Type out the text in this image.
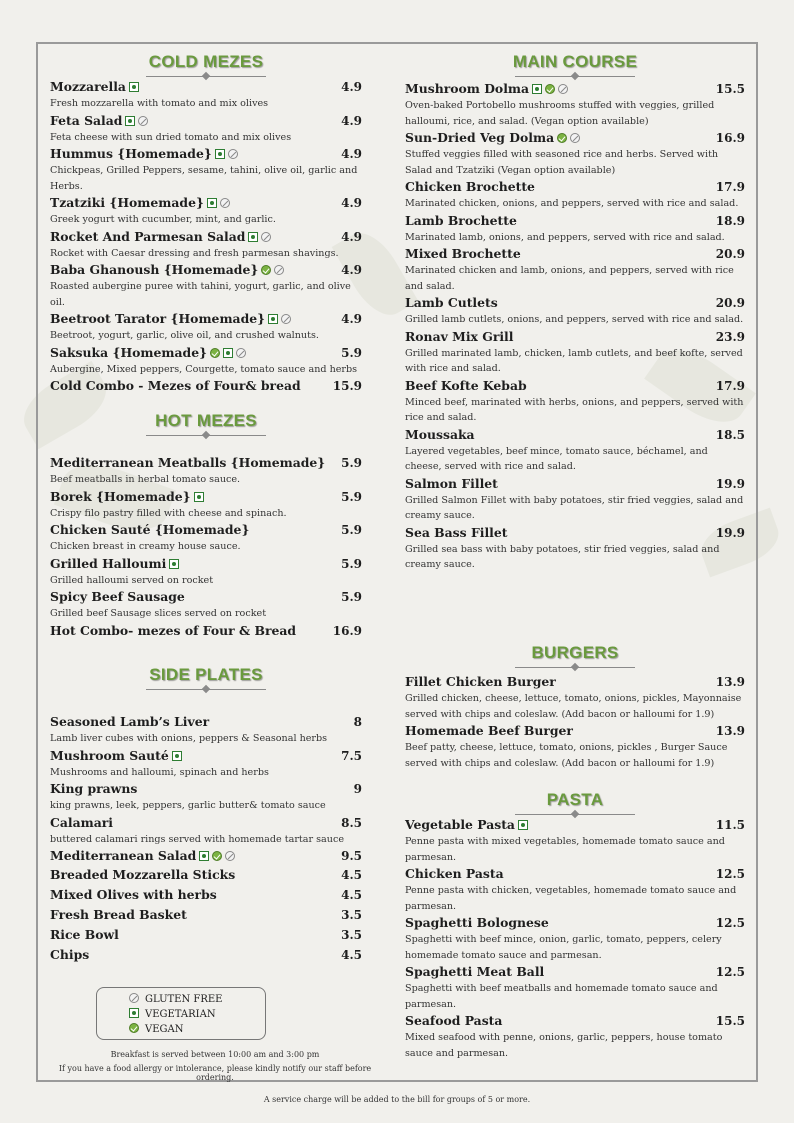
COLD MEZES
Mozzarella	4.9
Fresh mozzarella with tomato and mix olives
Feta Salad	4.9
Feta cheese with sun dried tomato and mix olives
Hummus {Homemade}	4.9
Chickpeas, Grilled Peppers, sesame, tahini, olive oil, garlic and Herbs.
Tzatziki {Homemade}	4.9
Greek yogurt with cucumber, mint, and garlic.
Rocket And Parmesan Salad	4.9
Rocket with Caesar dressing and fresh parmesan shavings.
Baba Ghanoush {Homemade}	4.9
Roasted aubergine puree with tahini, yogurt, garlic, and olive oil.
Beetroot Tarator {Homemade}	4.9
Beetroot, yogurt, garlic, olive oil, and crushed walnuts.
Saksuka {Homemade}	5.9
Aubergine, Mixed peppers, Courgette, tomato sauce and herbs
Cold Combo - Mezes of Four& bread	15.9
HOT MEZES
Mediterranean Meatballs {Homemade}	5.9
Beef meatballs in herbal tomato sauce.
Borek {Homemade}	5.9
Crispy filo pastry filled with cheese and spinach.
Chicken Sauté {Homemade}	5.9
Chicken breast in creamy house sauce.
Grilled Halloumi	5.9
Grilled halloumi served on rocket
Spicy Beef Sausage	5.9
Grilled beef Sausage slices served on rocket
Hot Combo- mezes of Four & Bread	16.9
SIDE PLATES
Seasoned Lamb’s Liver	8
Lamb liver cubes with onions, peppers & Seasonal herbs
Mushroom Sauté	7.5
Mushrooms and halloumi, spinach and herbs
King prawns	9
king prawns, leek, peppers, garlic butter& tomato sauce
Calamari	8.5
buttered calamari rings served with homemade tartar sauce
Mediterranean Salad	9.5
Breaded Mozzarella Sticks	4.5
Mixed Olives with herbs	4.5
Fresh Bread Basket	3.5
Rice Bowl	3.5
Chips	4.5
GLUTEN FREE
VEGETARIAN
VEGAN
Breakfast is served between 10:00 am and 3:00 pm
If you have a food allergy or intolerance, please kindly notify our staff before ordering.
A service charge will be added to the bill for groups of 5 or more.
MAIN COURSE
Mushroom Dolma	15.5
Oven-baked Portobello mushrooms stuffed with veggies, grilled halloumi, rice, and salad. (Vegan option available)
Sun-Dried Veg Dolma	16.9
Stuffed veggies filled with seasoned rice and herbs. Served with Salad and Tzatziki (Vegan option available)
Chicken Brochette	17.9
Marinated chicken, onions, and peppers, served with rice and salad.
Lamb Brochette	18.9
Marinated lamb, onions, and peppers, served with rice and salad.
Mixed Brochette	20.9
Marinated chicken and lamb, onions, and peppers, served with rice and salad.
Lamb Cutlets	20.9
Grilled lamb cutlets, onions, and peppers, served with rice and salad.
Ronav Mix Grill	23.9
Grilled marinated lamb, chicken, lamb cutlets, and beef kofte, served with rice and salad.
Beef Kofte Kebab	17.9
Minced beef, marinated with herbs, onions, and peppers, served with rice and salad.
Moussaka	18.5
Layered vegetables, beef mince, tomato sauce, béchamel, and cheese, served with rice and salad.
Salmon Fillet	19.9
Grilled Salmon Fillet with baby potatoes, stir fried veggies, salad and creamy sauce.
Sea Bass Fillet	19.9
Grilled sea bass with baby potatoes, stir fried veggies, salad and creamy sauce.
BURGERS
Fillet Chicken Burger	13.9
Grilled chicken, cheese, lettuce, tomato, onions, pickles, Mayonnaise served with chips and coleslaw. (Add bacon or halloumi for 1.9)
Homemade Beef Burger	13.9
Beef patty, cheese, lettuce, tomato, onions, pickles , Burger Sauce served with chips and coleslaw. (Add bacon or halloumi for 1.9)
PASTA
Vegetable Pasta	11.5
Penne pasta with mixed vegetables, homemade tomato sauce and parmesan.
Chicken Pasta	12.5
Penne pasta with chicken, vegetables, homemade tomato sauce and parmesan.
Spaghetti Bolognese	12.5
Spaghetti with beef mince, onion, garlic, tomato, peppers, celery homemade tomato sauce and parmesan.
Spaghetti Meat Ball	12.5
Spaghetti with beef meatballs and homemade tomato sauce and parmesan.
Seafood Pasta	15.5
Mixed seafood with penne, onions, garlic, peppers, house tomato sauce and parmesan.
